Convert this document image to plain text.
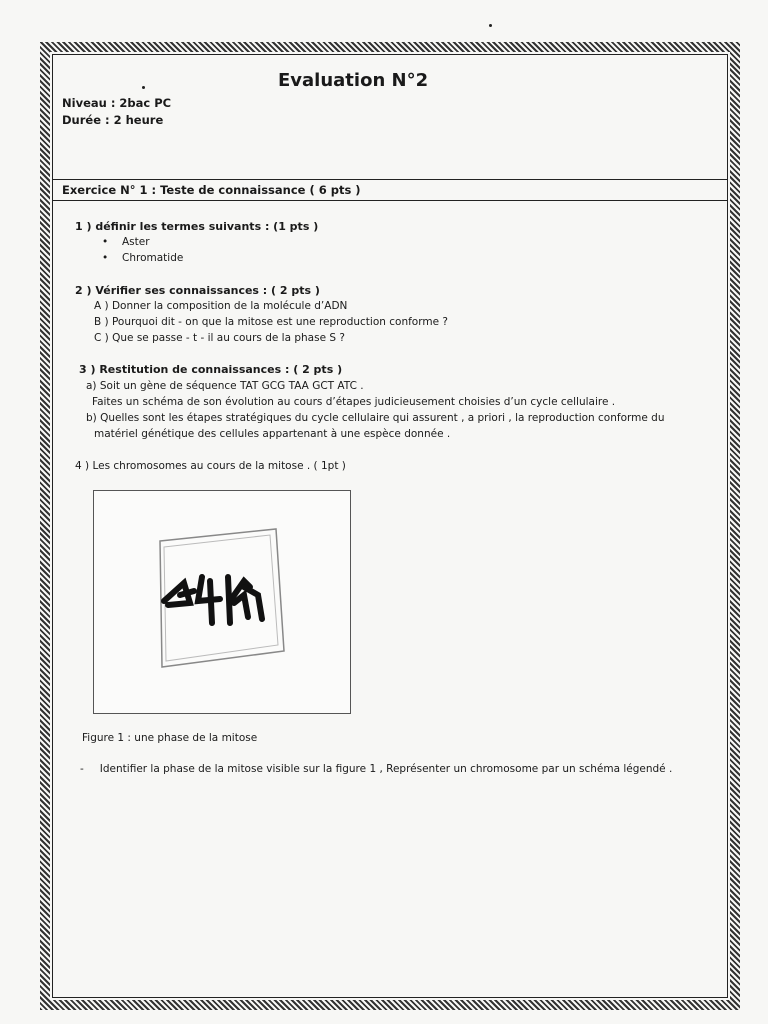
Evaluation N°2
Niveau : 2bac PC
Durée : 2 heure
Exercice N° 1 : Teste de connaissance ( 6 pts )
1 ) définir les termes suivants : (1 pts )
• Aster
• Chromatide
2 ) Vérifier ses connaissances : ( 2 pts )
A ) Donner la composition de la molécule d’ADN
B ) Pourquoi dit - on que la mitose est une reproduction conforme ?
C ) Que se passe - t - il au cours de la phase S ?
3 ) Restitution de connaissances : ( 2 pts )
a) Soit un gène de séquence TAT GCG TAA GCT ATC .
Faites un schéma de son évolution au cours d’étapes judicieusement choisies d’un cycle cellulaire .
b) Quelles sont les étapes stratégiques du cycle cellulaire qui assurent , a priori , la reproduction conforme du
matériel génétique des cellules appartenant à une espèce donnée .
4 ) Les chromosomes au cours de la mitose . ( 1pt )
Figure 1 : une phase de la mitose
- Identifier la phase de la mitose visible sur la figure 1 , Représenter un chromosome par un schéma légendé .
